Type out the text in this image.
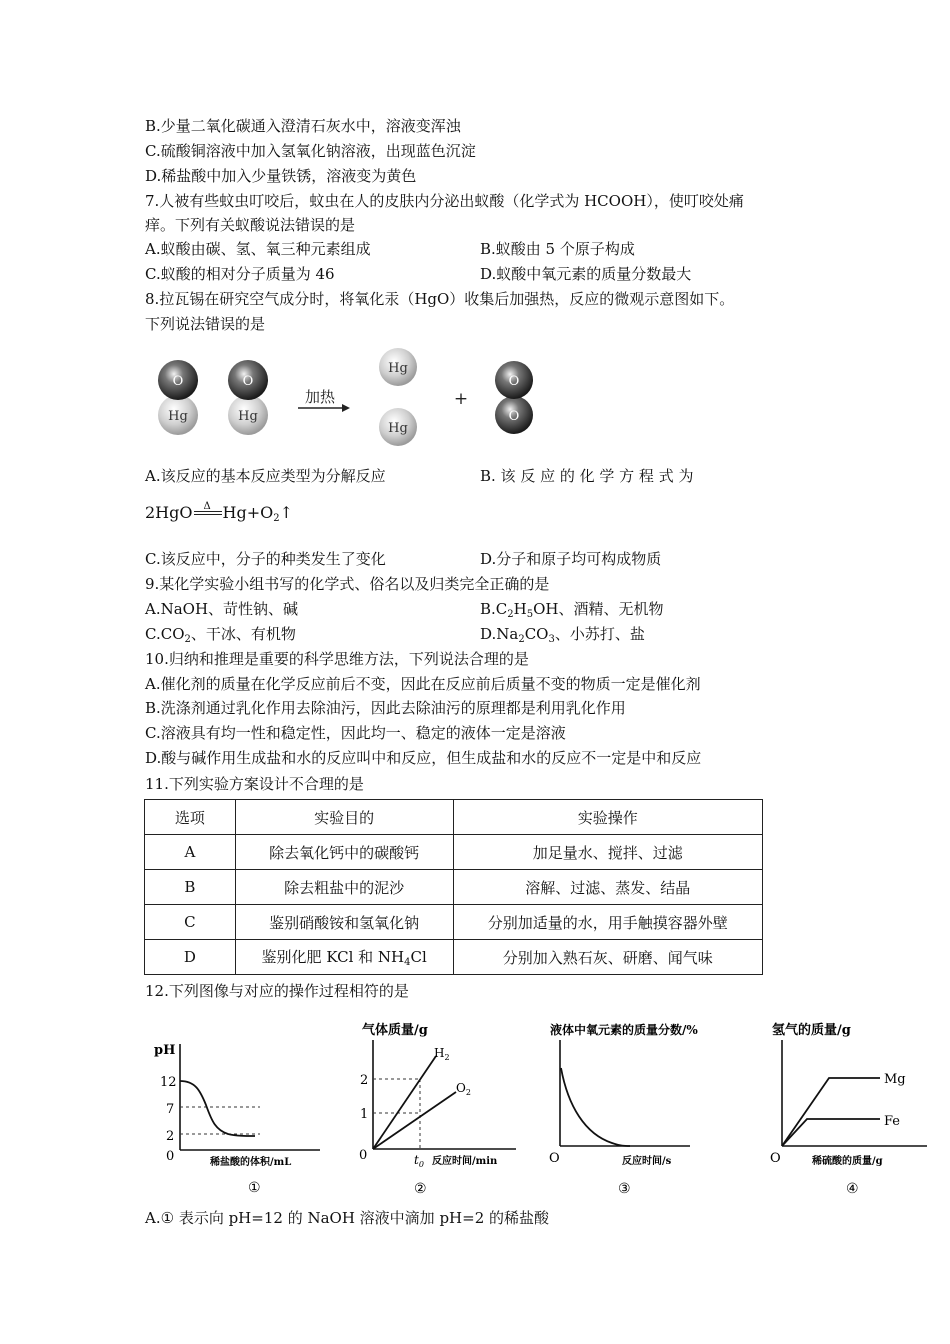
B.少量二氧化碳通入澄清石灰水中，溶液变浑浊
C.硫酸铜溶液中加入氢氧化钠溶液，出现蓝色沉淀
D.稀盐酸中加入少量铁锈，溶液变为黄色
7.人被有些蚊虫叮咬后，蚊虫在人的皮肤内分泌出蚁酸（化学式为 HCOOH），使叮咬处痛
痒。下列有关蚁酸说法错误的是
A.蚁酸由碳、氢、氧三种元素组成	B.蚁酸由 5 个原子构成
C.蚁酸的相对分子质量为 46	D.蚁酸中氧元素的质量分数最大
8.拉瓦锡在研究空气成分时，将氧化汞（HgO）收集后加强热，反应的微观示意图如下。
下列说法错误的是
O
Hg
O
Hg
加热
Hg
Hg
+
O
O
A.该反应的基本反应类型为分解反应	B. 该 反 应 的 化 学 方 程 式 为
2HgO Δ $Hg+O_2↑$
C.该反应中，分子的种类发生了变化	D.分子和原子均可构成物质
9.某化学实验小组书写的化学式、俗名以及归类完全正确的是
A.NaOH、苛性钠、碱	$B.C_2H_5OH$、酒精、无机物
$C.CO_2$、干冰、有机物	$D.Na_2CO_3$、小苏打、盐
10.归纳和推理是重要的科学思维方法，下列说法合理的是
A.催化剂的质量在化学反应前后不变，因此在反应前后质量不变的物质一定是催化剂
B.洗涤剂通过乳化作用去除油污，因此去除油污的原理都是利用乳化作用
C.溶液具有均一性和稳定性，因此均一、稳定的液体一定是溶液
D.酸与碱作用生成盐和水的反应叫中和反应，但生成盐和水的反应不一定是中和反应
11.下列实验方案设计不合理的是
选项	实验目的	实验操作
A	除去氧化钙中的碳酸钙	加足量水、搅拌、过滤
B	除去粗盐中的泥沙	溶解、过滤、蒸发、结晶
C	鉴别硝酸铵和氢氧化钠	分别加适量的水，用手触摸容器外壁
D	鉴别化肥 KCl 和 $NH_4Cl$	分别加入熟石灰、研磨、闻气味
12.下列图像与对应的操作过程相符的是
pH
12
7
2
0	稀盐酸的体积/mL
①
气体质量/g
2
1
0
$H_2$
$O_2$
$t_0$ 反应时间/min
②
液体中氧元素的质量分数/%
O	反应时间/s
③
氢气的质量/g
Mg
Fe
O	稀硫酸的质量/g
④
A.① 表示向 pH=12 的 NaOH 溶液中滴加 pH=2 的稀盐酸
